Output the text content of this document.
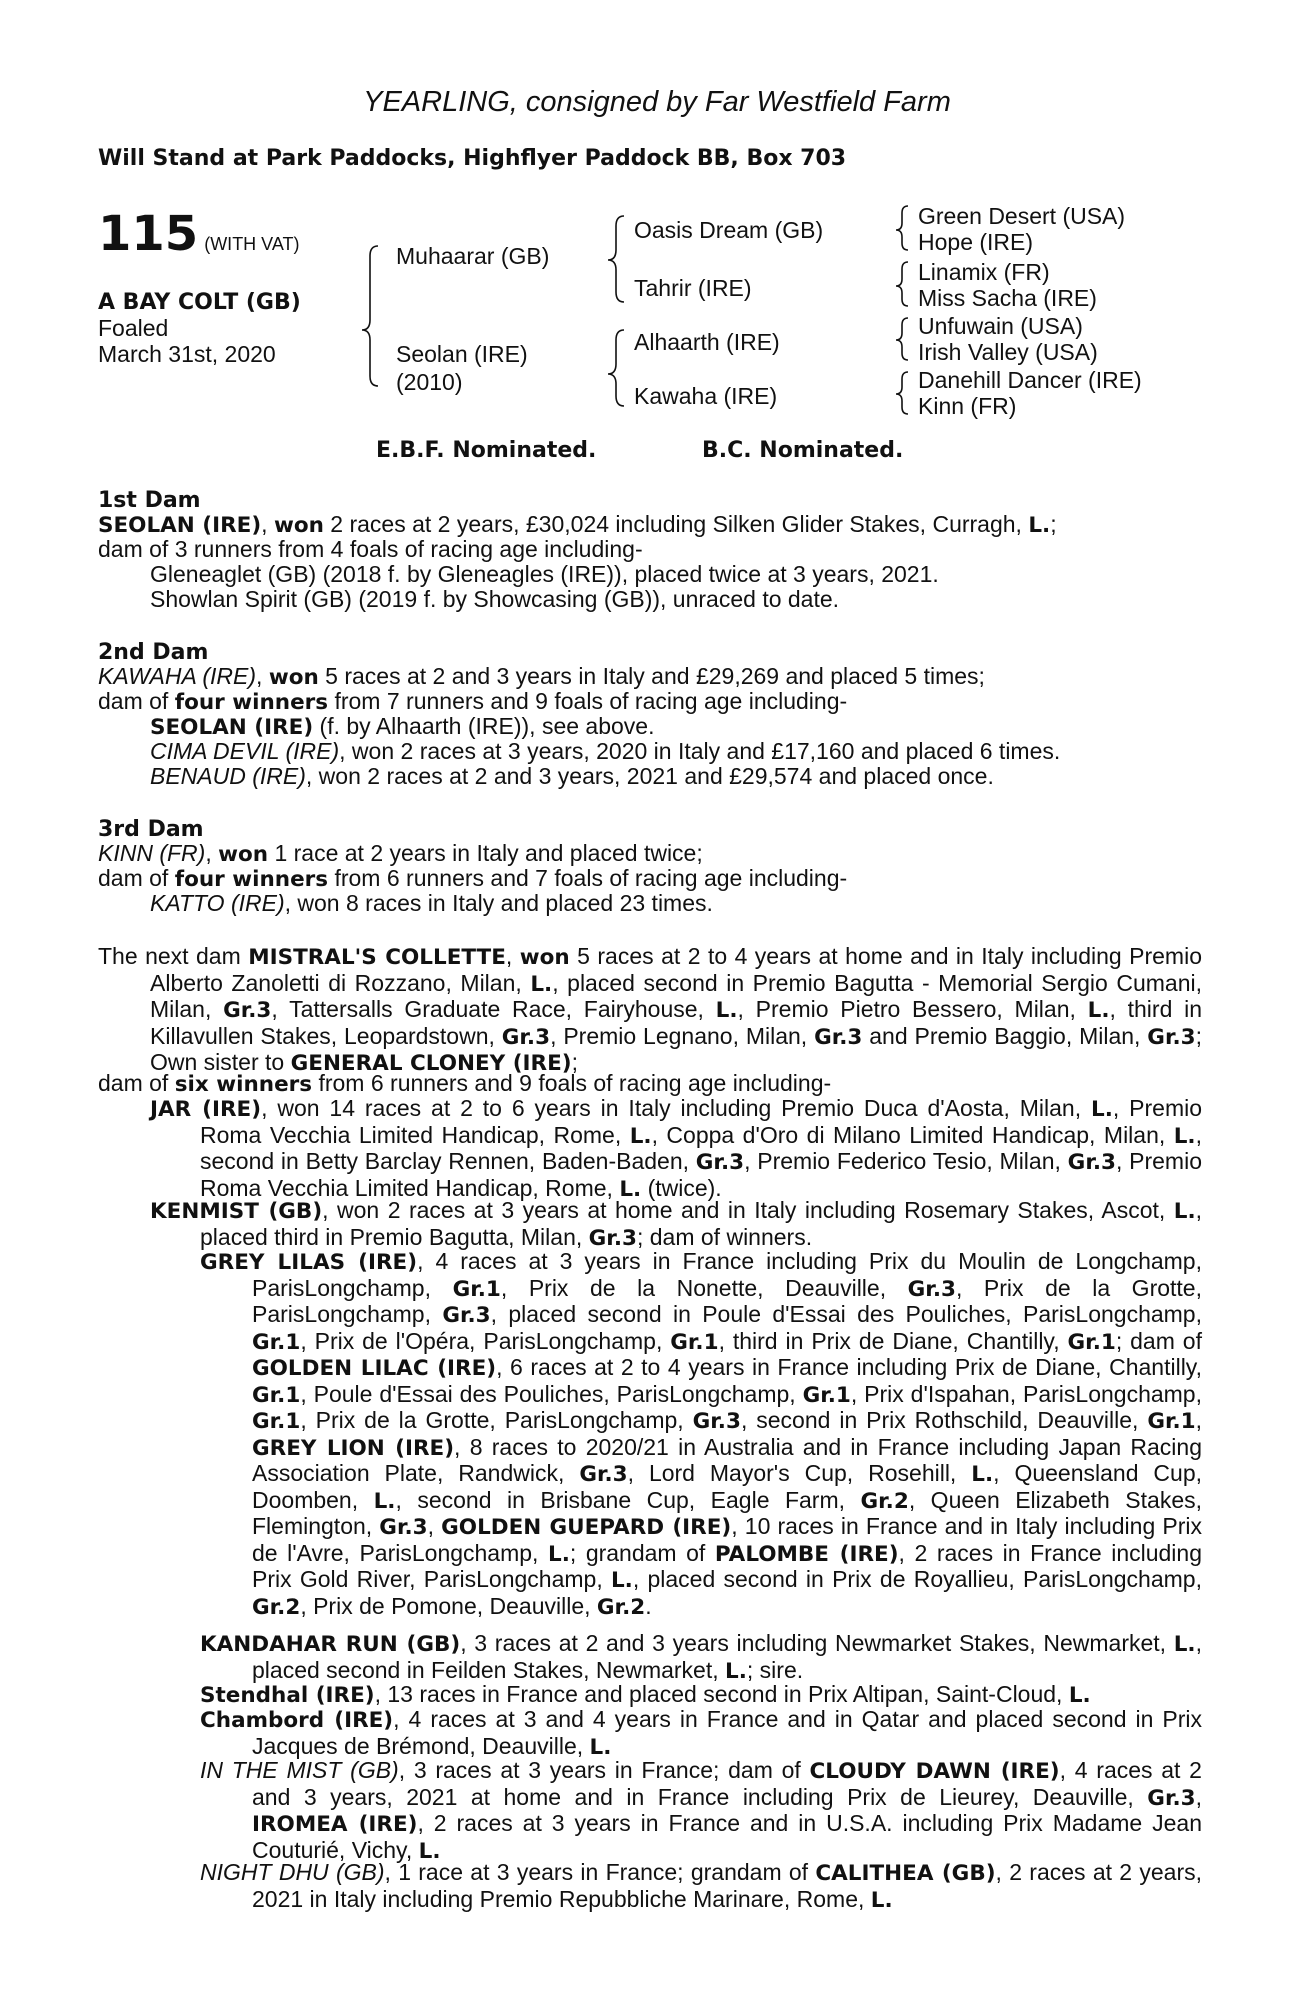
YEARLING, consigned by Far Westfield Farm
Will Stand at Park Paddocks, Highflyer Paddock BB, Box 703
115 (WITH VAT)
A BAY COLT (GB)
Foaled
March 31st, 2020
Muhaarar (GB)
Seolan (IRE)
(2010)
Oasis Dream (GB)
Tahrir (IRE)
Alhaarth (IRE)
Kawaha (IRE)
Green Desert (USA)
Hope (IRE)
Linamix (FR)
Miss Sacha (IRE)
Unfuwain (USA)
Irish Valley (USA)
Danehill Dancer (IRE)
Kinn (FR)
E.B.F. Nominated.	B.C. Nominated.
1st Dam
SEOLAN (IRE), won 2 races at 2 years, £30,024 including Silken Glider Stakes, Curragh, L.;
dam of 3 runners from 4 foals of racing age including-
Gleneaglet (GB) (2018 f. by Gleneagles (IRE)), placed twice at 3 years, 2021.
Showlan Spirit (GB) (2019 f. by Showcasing (GB)), unraced to date.
2nd Dam
KAWAHA (IRE), won 5 races at 2 and 3 years in Italy and £29,269 and placed 5 times;
dam of four winners from 7 runners and 9 foals of racing age including-
SEOLAN (IRE) (f. by Alhaarth (IRE)), see above.
CIMA DEVIL (IRE), won 2 races at 3 years, 2020 in Italy and £17,160 and placed 6 times.
BENAUD (IRE), won 2 races at 2 and 3 years, 2021 and £29,574 and placed once.
3rd Dam
KINN (FR), won 1 race at 2 years in Italy and placed twice;
dam of four winners from 6 runners and 7 foals of racing age including-
KATTO (IRE), won 8 races in Italy and placed 23 times.
The next dam MISTRAL'S COLLETTE, won 5 races at 2 to 4 years at home and in Italy including Premio Alberto Zanoletti di Rozzano, Milan, L., placed second in Premio Bagutta - Memorial Sergio Cumani, Milan, Gr.3, Tattersalls Graduate Race, Fairyhouse, L., Premio Pietro Bessero, Milan, L., third in Killavullen Stakes, Leopardstown, Gr.3, Premio Legnano, Milan, Gr.3 and Premio Baggio, Milan, Gr.3; Own sister to GENERAL CLONEY (IRE);
dam of six winners from 6 runners and 9 foals of racing age including-
JAR (IRE), won 14 races at 2 to 6 years in Italy including Premio Duca d'Aosta, Milan, L., Premio Roma Vecchia Limited Handicap, Rome, L., Coppa d'Oro di Milano Limited Handicap, Milan, L., second in Betty Barclay Rennen, Baden-Baden, Gr.3, Premio Federico Tesio, Milan, Gr.3, Premio Roma Vecchia Limited Handicap, Rome, L. (twice).
KENMIST (GB), won 2 races at 3 years at home and in Italy including Rosemary Stakes, Ascot, L., placed third in Premio Bagutta, Milan, Gr.3; dam of winners.
GREY LILAS (IRE), 4 races at 3 years in France including Prix du Moulin de Longchamp, ParisLongchamp, Gr.1, Prix de la Nonette, Deauville, Gr.3, Prix de la Grotte, ParisLongchamp, Gr.3, placed second in Poule d'Essai des Pouliches, ParisLongchamp, Gr.1, Prix de l'Opéra, ParisLongchamp, Gr.1, third in Prix de Diane, Chantilly, Gr.1; dam of GOLDEN LILAC (IRE), 6 races at 2 to 4 years in France including Prix de Diane, Chantilly, Gr.1, Poule d'Essai des Pouliches, ParisLongchamp, Gr.1, Prix d'Ispahan, ParisLongchamp, Gr.1, Prix de la Grotte, ParisLongchamp, Gr.3, second in Prix Rothschild, Deauville, Gr.1, GREY LION (IRE), 8 races to 2020/21 in Australia and in France including Japan Racing Association Plate, Randwick, Gr.3, Lord Mayor's Cup, Rosehill, L., Queensland Cup, Doomben, L., second in Brisbane Cup, Eagle Farm, Gr.2, Queen Elizabeth Stakes, Flemington, Gr.3, GOLDEN GUEPARD (IRE), 10 races in France and in Italy including Prix de l'Avre, ParisLongchamp, L.; grandam of PALOMBE (IRE), 2 races in France including Prix Gold River, ParisLongchamp, L., placed second in Prix de Royallieu, ParisLongchamp, Gr.2, Prix de Pomone, Deauville, Gr.2.
KANDAHAR RUN (GB), 3 races at 2 and 3 years including Newmarket Stakes, Newmarket, L., placed second in Feilden Stakes, Newmarket, L.; sire.
Stendhal (IRE), 13 races in France and placed second in Prix Altipan, Saint-Cloud, L.
Chambord (IRE), 4 races at 3 and 4 years in France and in Qatar and placed second in Prix Jacques de Brémond, Deauville, L.
IN THE MIST (GB), 3 races at 3 years in France; dam of CLOUDY DAWN (IRE), 4 races at 2 and 3 years, 2021 at home and in France including Prix de Lieurey, Deauville, Gr.3, IROMEA (IRE), 2 races at 3 years in France and in U.S.A. including Prix Madame Jean Couturié, Vichy, L.
NIGHT DHU (GB), 1 race at 3 years in France; grandam of CALITHEA (GB), 2 races at 2 years, 2021 in Italy including Premio Repubbliche Marinare, Rome, L.
